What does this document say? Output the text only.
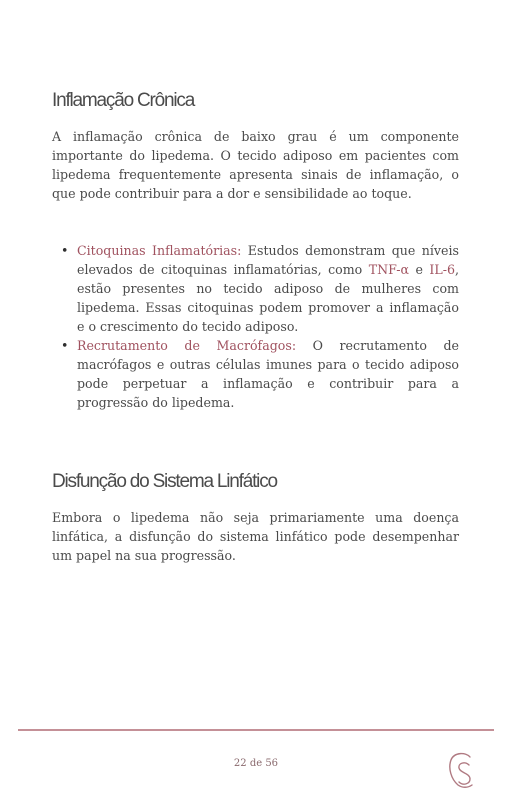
Inflamação Crônica

A inflamação crônica de baixo grau é um componente importante do lipedema. O tecido adiposo em pacientes com lipedema frequentemente apresenta sinais de inflamação, o que pode contribuir para a dor e sensibilidade ao toque.

• Citoquinas Inflamatórias: Estudos demonstram que níveis elevados de citoquinas inflamatórias, como TNF-α e IL-6, estão presentes no tecido adiposo de mulheres com lipedema. Essas citoquinas podem promover a inflamação e o crescimento do tecido adiposo.
• Recrutamento de Macrófagos: O recrutamento de macrófagos e outras células imunes para o tecido adiposo pode perpetuar a inflamação e contribuir para a progressão do lipedema.
Disfunção do Sistema Linfático

Embora o lipedema não seja primariamente uma doença linfática, a disfunção do sistema linfático pode desempenhar um papel na sua progressão.

22 de 56
